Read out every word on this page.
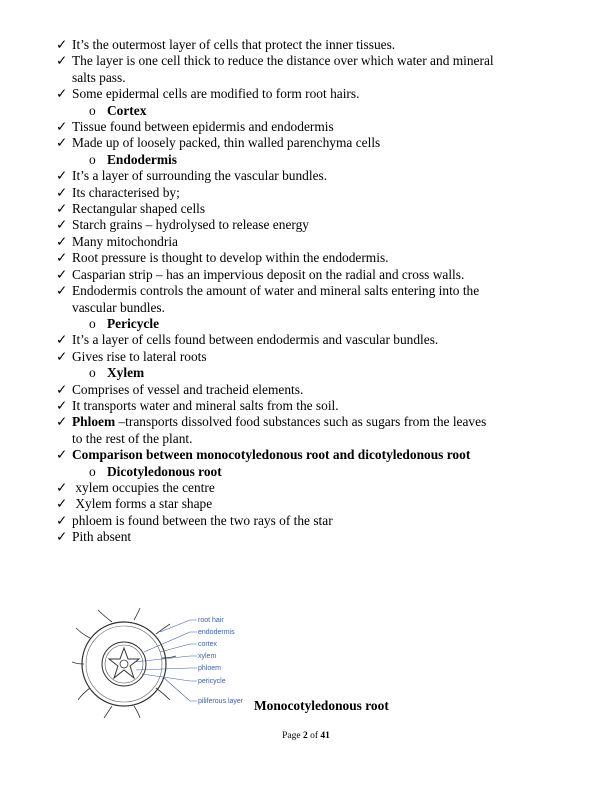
✓ It’s the outermost layer of cells that protect the inner tissues.
✓ The layer is one cell thick to reduce the distance over which water and mineral
salts pass.
✓ Some epidermal cells are modified to form root hairs.
o Cortex
✓ Tissue found between epidermis and endodermis
✓ Made up of loosely packed, thin walled parenchyma cells
o Endodermis
✓ It’s a layer of surrounding the vascular bundles.
✓ Its characterised by;
✓ Rectangular shaped cells
✓ Starch grains – hydrolysed to release energy
✓ Many mitochondria
✓ Root pressure is thought to develop within the endodermis.
✓ Casparian strip – has an impervious deposit on the radial and cross walls.
✓ Endodermis controls the amount of water and mineral salts entering into the
vascular bundles.
o Pericycle
✓ It’s a layer of cells found between endodermis and vascular bundles.
✓ Gives rise to lateral roots
o Xylem
✓ Comprises of vessel and tracheid elements.
✓ It transports water and mineral salts from the soil.
✓ Phloem –transports dissolved food substances such as sugars from the leaves
to the rest of the plant.
✓ Comparison between monocotyledonous root and dicotyledonous root
o Dicotyledonous root
✓ xylem occupies the centre
✓ Xylem forms a star shape
✓ phloem is found between the two rays of the star
✓ Pith absent
root hair
endodermis
cortex
xylem
phloem
pericycle
piliferous layer Monocotyledonous root
Page 2 of 41
